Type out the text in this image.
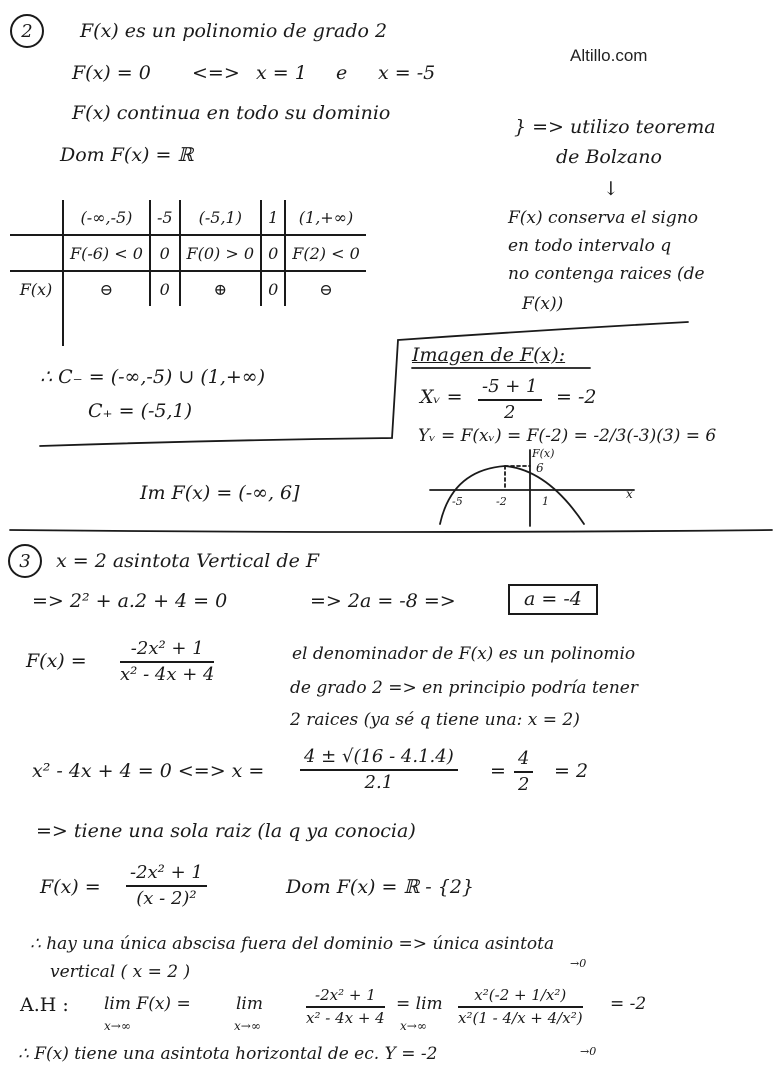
Altillo.com
2 F(x) es un polinomio de grado 2
F(x) = 0 <=> x = 1 e x = -5
F(x) continua en todo su dominio
Dom F(x) = ℝ
} => utilizo teorema
de Bolzano
↓
F(x) conserva el signo
en todo intervalo q
no contenga raices (de
F(x))
	(-∞,-5)	-5	(-5,1)	1	(1,+∞)
	F(-6) < 0	0	F(0) > 0	0	F(2) < 0
F(x)	⊖	0	⊕	0	⊖

∴ C₋ = (-∞,-5) ∪ (1,+∞)
C₊ = (-5,1)
Imagen de F(x):
Xᵥ = $\frac{-5 + 1}{2} = -2$
Yᵥ = F(xᵥ) = F(-2) = -2/3(-3)(3) = 6
Im F(x) = (-∞, 6]
F(x)
6
x
-5	-2	1
3 x = 2 asintota Vertical de F
=> 2² + a.2 + 4 = 0	=> 2a = -8 =>	a = -4
$F(x) = \frac{\text{-2x² + 1}}{\text{x² - 4x + 4}}$	el denominador de F(x) es un polinomio
de grado 2 => en principio podría tener
2 raices (ya sé q tiene una: x = 2)
x² - 4x + 4 = 0 <=> $x = \frac{4 \pm √(16 - 4.1.4)}{2.1} = \frac{4}{2} = 2$
=> tiene una sola raiz (la q ya conocia)
$F(x) = \frac{\text{-2x² + 1}}{\text{(x - 2)²}}$	Dom F(x) = ℝ - {2}
∴ hay una única abscisa fuera del dominio => única asintota
vertical ( x = 2 )
A.H : lim F(x) =
x→∞
lim
x→∞	$\frac{\text{-2x² + 1}}{\text{x² - 4x + 4}} = \lim$
$x\to\infty \frac{\text{x²(-2 + 1/x²)}}{\text{x²(1 - 4/x + 4/x²)}} = -2$
→0
→0
∴ F(x) tiene una asintota horizontal de ec. Y = -2
